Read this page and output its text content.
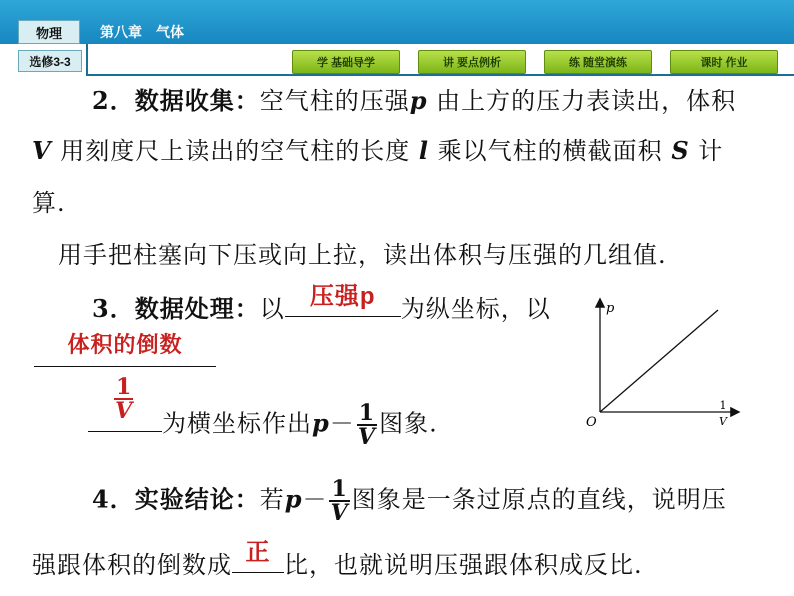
物理	第八章 气体
选修3-3	学 基础导学	讲 要点例析	练 随堂演练	课时 作业
2．数据收集：空气柱的压强p 由上方的压力表读出，体积
V 用刻度尺上读出的空气柱的长度 l 乘以气柱的横截面积 S 计
算.
用手把柱塞向下压或向上拉，读出体积与压强的几组值.
3．数据处理：以	压强p	为纵坐标，以
体积的倒数
$\frac{1}{V}$
为横坐标作出$p- \frac{1}{V}$ 图象.
p
O
1
V
4．实验结论：若$p- \frac{1}{V}$ 图象是一条过原点的直线，说明压
强跟体积的倒数成 正 比，也就说明压强跟体积成反比.
